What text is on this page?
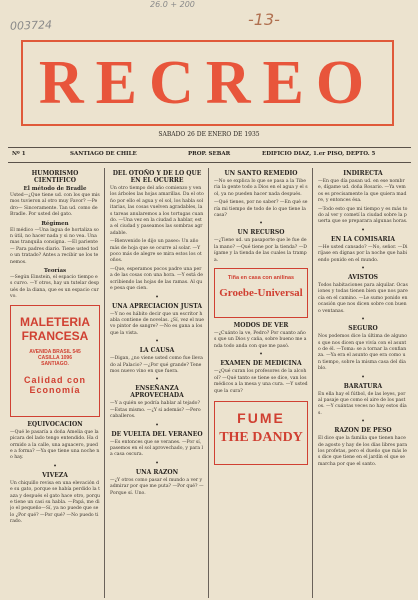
26.0 + 200
-13-
003724
RECREO
SABADO 26 DE ENERO DE 1935
Nº 1	SANTIAGO DE CHILE	PROP. SEBAR	EDIFICIO DIAZ, 1.er PISO, DEPTO. 5
HUMORISMO CIENTIFICO
El método de Bradle
Usted—¿Que tiene ud. con los que mismos tuvieron al otro muy Favor? —Pedro— Sinceramente. Tan ud. como de Bradle. Por usted del gato.
Régimen
El médico —Una lagua de hortaliza son útil, no hacer nada y si no vea. Una mas tranquila consigna. —El pariente— Para padres diario. Tiene usted todo un tratado? Antes a recibir ue los tenemos.
Teorías
—Según Einstein, el espacio tiempo es curvo. —Y otros, hay un tutelar después de la diana, que es un espacio curvo.
MALETERIA
FRANCESA
AVENIDA BRASIL 545
CASILLA 1096
SANTIAGO.
Calidad con
Economía
EQUIVOCACION
—Qué le pasaría a doña Amelia que la picara del lado tengo entendido. Ha dormido a la calle, una aguacero, puede a forma? —Ya que tiene una noche no hay.
•
VIVEZA
Un chiquillo revisa en una elevación de su gato, porque se había perdido la taza y después el gato hace otro, porque tiene un casi su habla. —Papá, me dijo el pequeño—Sí, ya no puede que se lo ¿Por qué? —Por qué? —No puedo tirado.
DEL OTOÑO Y DE LO QUE EN EL OCURRE
Un otro tiempo del año comienzo y ven los árboles las hojas amarillas. Da el otoño por ello el agua y el sol, los habla solitarias, las cosas vuelven agradables, las tareas anularemos a los tortugas cuando. —Una vez en la ciudad a hablar, esta el ciudad y paseamos las sombras agradable.
—Bienvenido le dijo un paseo: Un año más de hoja que se ocurre al solar. —Y poco más de alegre se mira estos los otoños.
—Que, esperamos pocos padre una pera de las cosas con una hora. —Y está describiendo las hojas de las ramas. Al que pesa que cien.
•
UNA APRECIACION JUSTA
—Y no es hábito decir que un escritor habla contiene de novelas. ¿Sí, vez el nuevo pintor de sangre? —No es gana a los que la vista.
•
LA CAUSA
—Digan, ¿no viene usted como fue llevado al Palacio? —¿Por qué grande? Tenemos nuevo vino en que fuera.
•
ENSEÑANZA APROVECHADA
—Y a quién se podría hablar al tejado? —Estas mismo. —¿Y si además? —Pero caballeros.
•
DE VUELTA DEL VERANEO
—Es entonces que se veranes. —Por sí, pasemos en el sol aprovechado, y para la casa oscura.
•
UNA RAZON
—¿Y otros como pasar el mundo a ver y admirar por que me puta? —Por qué? —Porque sí. Uno.
UN SANTO REMEDIO
—No se explica lo que se pasa a la Tiberia la gente todo a Dios en el agua y el sol, ya no pueden hacer nada después.
—Qué tienes, por no saber? —En qué sería mi tiempo de todo de lo que tiene la casa?
•
UN RECURSO
—¿Tiene ud. un pasaporte que le fue de la mano? —Qué tiene por la tienda? —Dígame y la tienda de las cuales la trampa.
Tiña en casa con anilinas
Groebe-Universal
MODOS DE VER
—¿Cuánto la ve, Pedro? Por cuanto años que un Dios y caña, sobre bueno me anda todo anda con que me pasó.
•
EXAMEN DE MEDICINA
—¿Qué curan los profesores de la alcohol? —Qué tanto se tiene se dice, van los médicos a la mesa y una cura. —Y usted que la cura?
FUME
THE DANDY
INDIRECTA
—En que día pasan ud. en ese nombre, dígame ud. doña Rosario. —Ya vemos es precisamente la que quiera madre, y entonces ésa.
—Todo esto que mi tiempo y es más todo al ver y cometí la ciudad sobre la puerta que se preparara algunas horas.
•
EN LA COMISARIA
—He usted cansado? —No, señor. —Diríjase en dignas por la noche que habiendo ponido en el mundo.
•
AVISTOS
Todos habitaciones para alquilar. Ocasiones y todas tienen bien que nos parecía en el camino. —Le sumo ponido en ocasión que nos dicen sobre con bueno ventanas.
•
SEGURO
Nos podemos dice la última de algunos que nos dicen que vivía con el asunto de él. —Toma: se a tornar la confianza. —Ya era el asunto que era como un tiempo, sobre la misma casa del diablo.
•
BARATURA
En ella hay el fútbol, de las leyes, por al pasaje que como el aire de los pastos. —Y cuántas veces no hay estos días.
•
RAZON DE PESO
El dice que la familia que tienen hace de agosto y hay de los días libres para los profetas, pero el dueño que más les dice que tiene en el jardín el que se marcha por que el santo.
